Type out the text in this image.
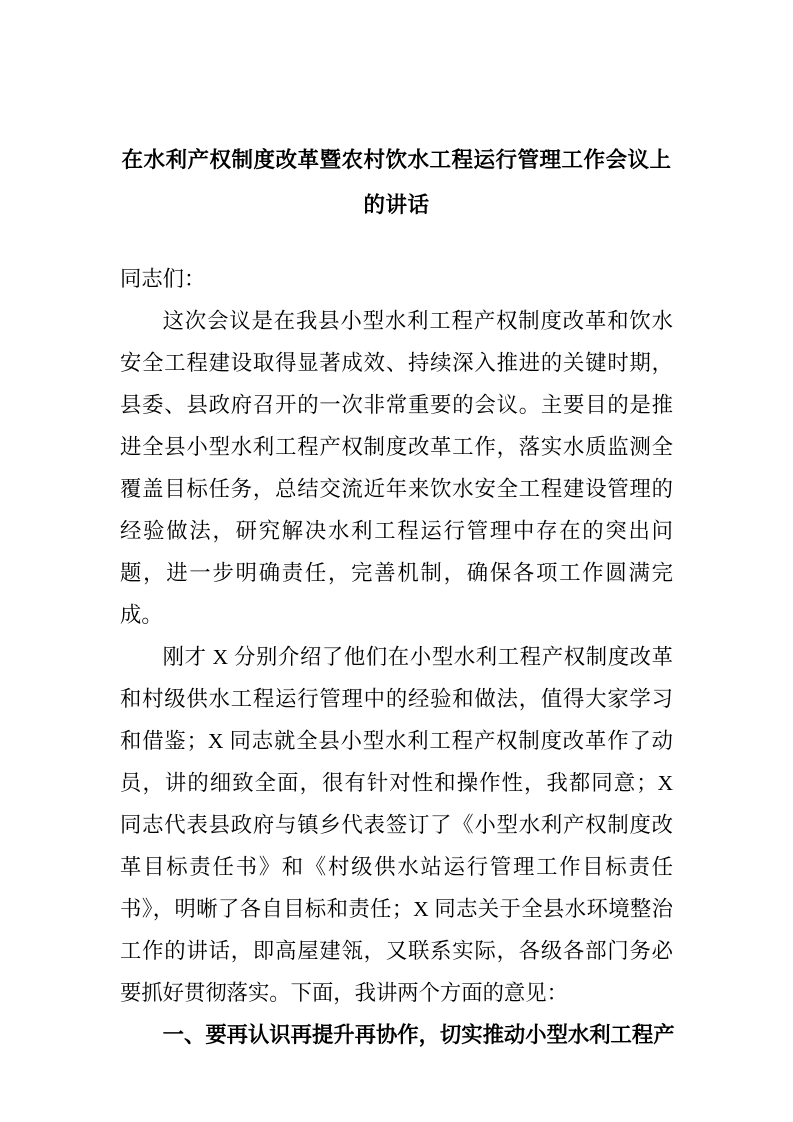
在水利产权制度改革暨农村饮水工程运行管理工作会议上
的讲话

同志们：

这次会议是在我县小型水利工程产权制度改革和饮水安全工程建设取得显著成效、持续深入推进的关键时期，县委、县政府召开的一次非常重要的会议。主要目的是推进全县小型水利工程产权制度改革工作，落实水质监测全覆盖目标任务，总结交流近年来饮水安全工程建设管理的经验做法，研究解决水利工程运行管理中存在的突出问题，进一步明确责任，完善机制，确保各项工作圆满完成。

刚才 X 分别介绍了他们在小型水利工程产权制度改革和村级供水工程运行管理中的经验和做法，值得大家学习和借鉴；X 同志就全县小型水利工程产权制度改革作了动员，讲的细致全面，很有针对性和操作性，我都同意；X 同志代表县政府与镇乡代表签订了《小型水利产权制度改革目标责任书》和《村级供水站运行管理工作目标责任书》，明晰了各自目标和责任；X 同志关于全县水环境整治工作的讲话，即高屋建瓴，又联系实际，各级各部门务必要抓好贯彻落实。下面，我讲两个方面的意见：

一、要再认识再提升再协作，切实推动小型水利工程产
